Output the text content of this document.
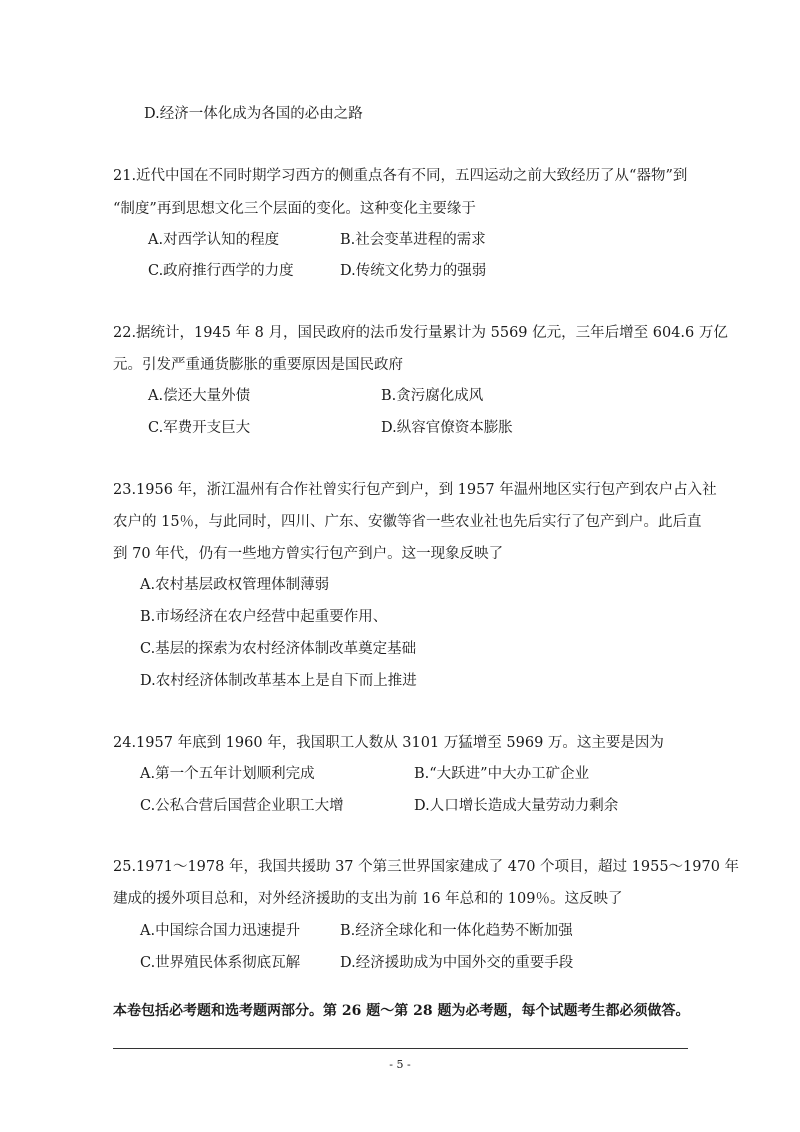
D.经济一体化成为各国的必由之路
21.近代中国在不同时期学习西方的侧重点各有不同，五四运动之前大致经历了从“器物”到
“制度”再到思想文化三个层面的变化。这种变化主要缘于
A.对西学认知的程度	B.社会变革进程的需求
C.政府推行西学的力度	D.传统文化势力的强弱
22.据统计，1945 年 8 月，国民政府的法币发行量累计为 5569 亿元，三年后增至 604.6 万亿
元。引发严重通货膨胀的重要原因是国民政府
A.偿还大量外债	B.贪污腐化成风
C.军费开支巨大	D.纵容官僚资本膨胀
23.1956 年，浙江温州有合作社曾实行包产到户，到 1957 年温州地区实行包产到农户占入社
农户的 15％，与此同时，四川、广东、安徽等省一些农业社也先后实行了包产到户。此后直
到 70 年代，仍有一些地方曾实行包产到户。这一现象反映了
A.农村基层政权管理体制薄弱
B.市场经济在农户经营中起重要作用、
C.基层的探索为农村经济体制改革奠定基础
D.农村经济体制改革基本上是自下而上推进
24.1957 年底到 1960 年，我国职工人数从 3101 万猛增至 5969 万。这主要是因为
A.第一个五年计划顺利完成	B.“大跃进”中大办工矿企业
C.公私合营后国营企业职工大增	D.人口增长造成大量劳动力剩余
25.1971～1978 年，我国共援助 37 个第三世界国家建成了 470 个项目，超过 1955～1970 年
建成的援外项目总和，对外经济援助的支出为前 16 年总和的 109％。这反映了
A.中国综合国力迅速提升	B.经济全球化和一体化趋势不断加强
C.世界殖民体系彻底瓦解	D.经济援助成为中国外交的重要手段
本卷包括必考题和选考题两部分。第 26 题～第 28 题为必考题，每个试题考生都必须做答。
- 5 -
